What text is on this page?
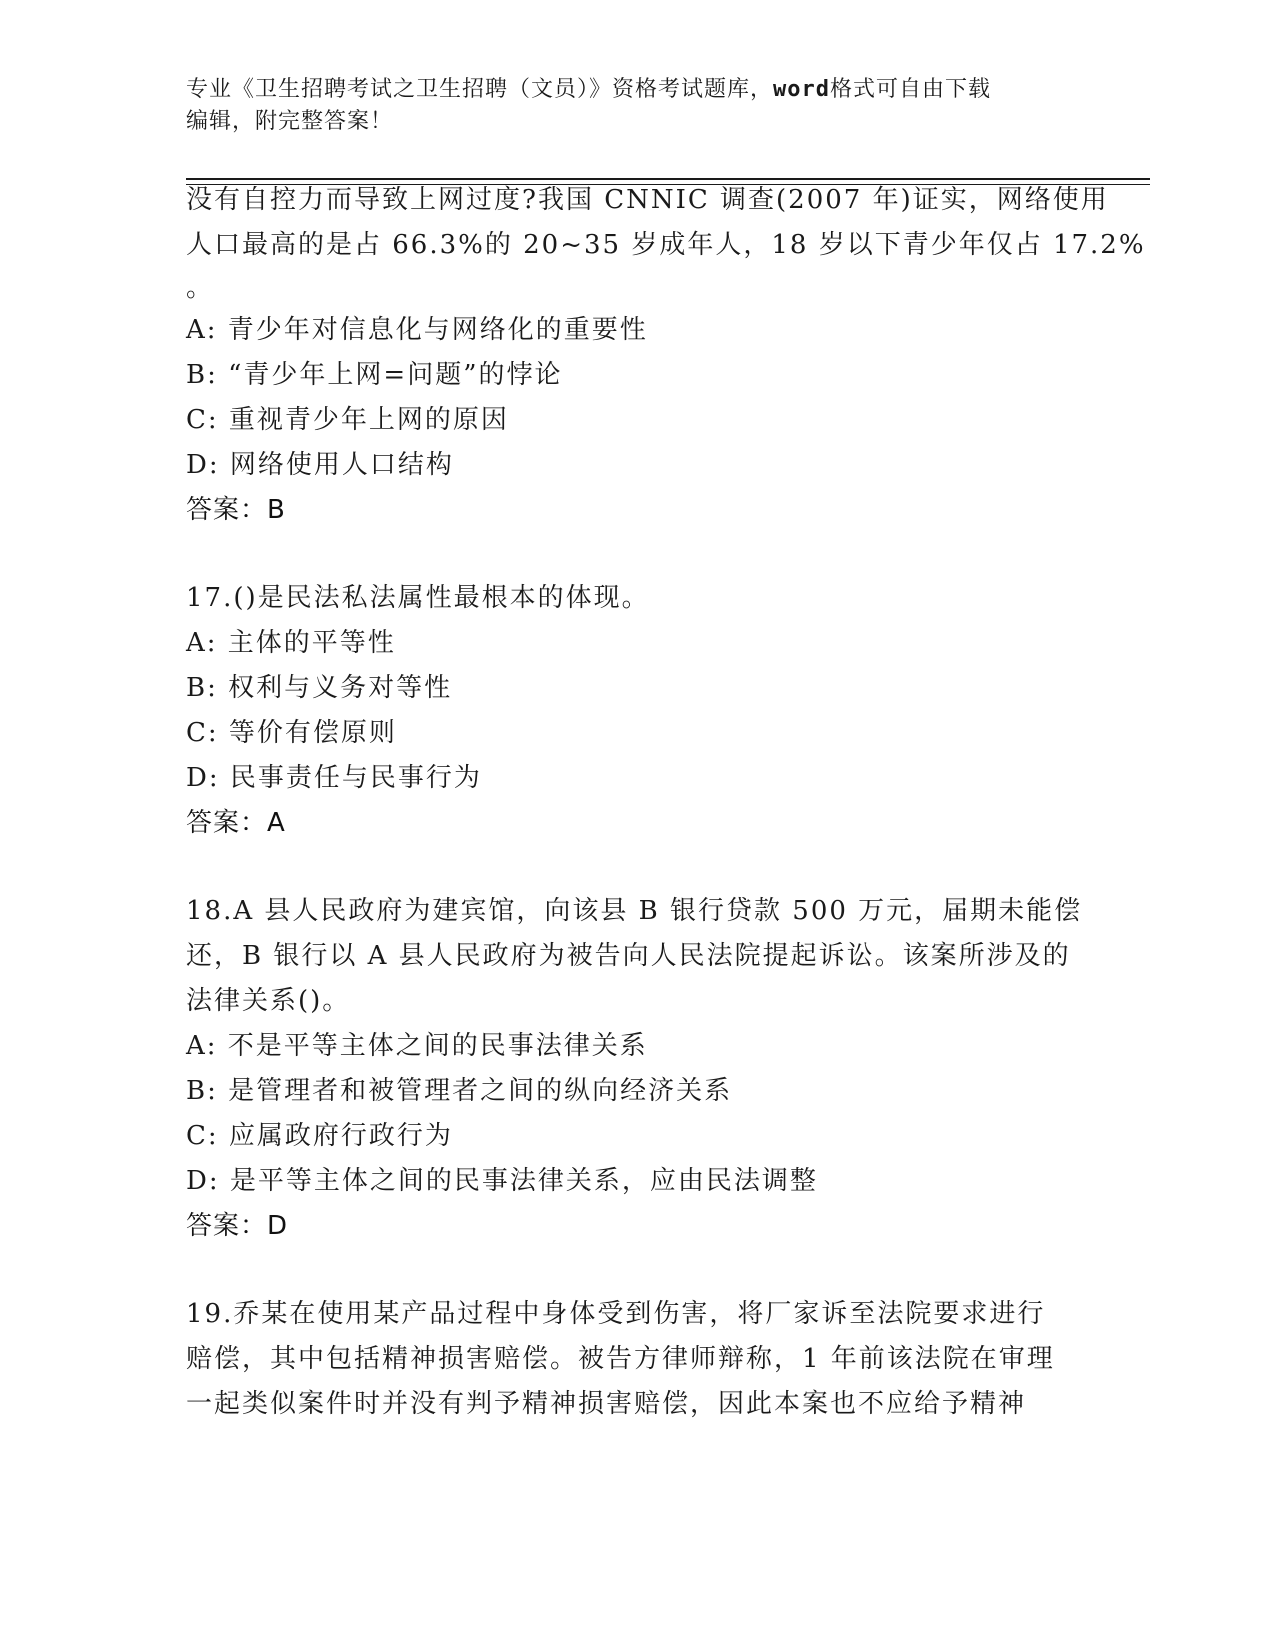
专业《卫生招聘考试之卫生招聘（文员）》资格考试题库，word格式可自由下载
编辑，附完整答案！
没有自控力而导致上网过度?我国 CNNIC 调查(2007 年)证实，网络使用
人口最高的是占 66.3%的 20~35 岁成年人，18 岁以下青少年仅占 17.2%
。
A: 青少年对信息化与网络化的重要性
B: “青少年上网=问题”的悖论
C: 重视青少年上网的原因
D: 网络使用人口结构
答案：B
17.()是民法私法属性最根本的体现。
A: 主体的平等性
B: 权利与义务对等性
C: 等价有偿原则
D: 民事责任与民事行为
答案：A
18.A 县人民政府为建宾馆，向该县 B 银行贷款 500 万元，届期未能偿
还，B 银行以 A 县人民政府为被告向人民法院提起诉讼。该案所涉及的
法律关系()。
A: 不是平等主体之间的民事法律关系
B: 是管理者和被管理者之间的纵向经济关系
C: 应属政府行政行为
D: 是平等主体之间的民事法律关系，应由民法调整
答案：D
19.乔某在使用某产品过程中身体受到伤害，将厂家诉至法院要求进行
赔偿，其中包括精神损害赔偿。被告方律师辩称，1 年前该法院在审理
一起类似案件时并没有判予精神损害赔偿，因此本案也不应给予精神
